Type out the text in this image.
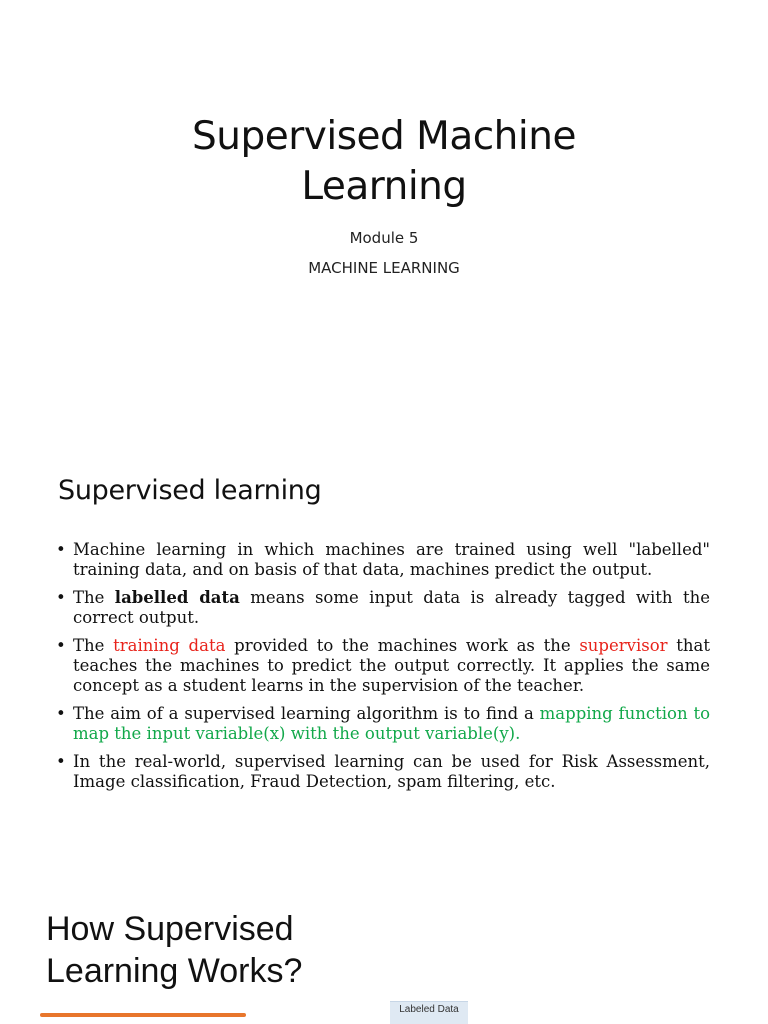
Supervised Machine
Learning
Module 5
MACHINE LEARNING
Supervised learning
• Machine learning in which machines are trained using well "labelled" training data, and on basis of that data, machines predict the output.
• The labelled data means some input data is already tagged with the correct output.
• The training data provided to the machines work as the supervisor that teaches the machines to predict the output correctly. It applies the same concept as a student learns in the supervision of the teacher.
• The aim of a supervised learning algorithm is to find a mapping function to map the input variable(x) with the output variable(y).
• In the real-world, supervised learning can be used for Risk Assessment, Image classification, Fraud Detection, spam filtering, etc.
How Supervised
Learning Works?
Labeled Data
